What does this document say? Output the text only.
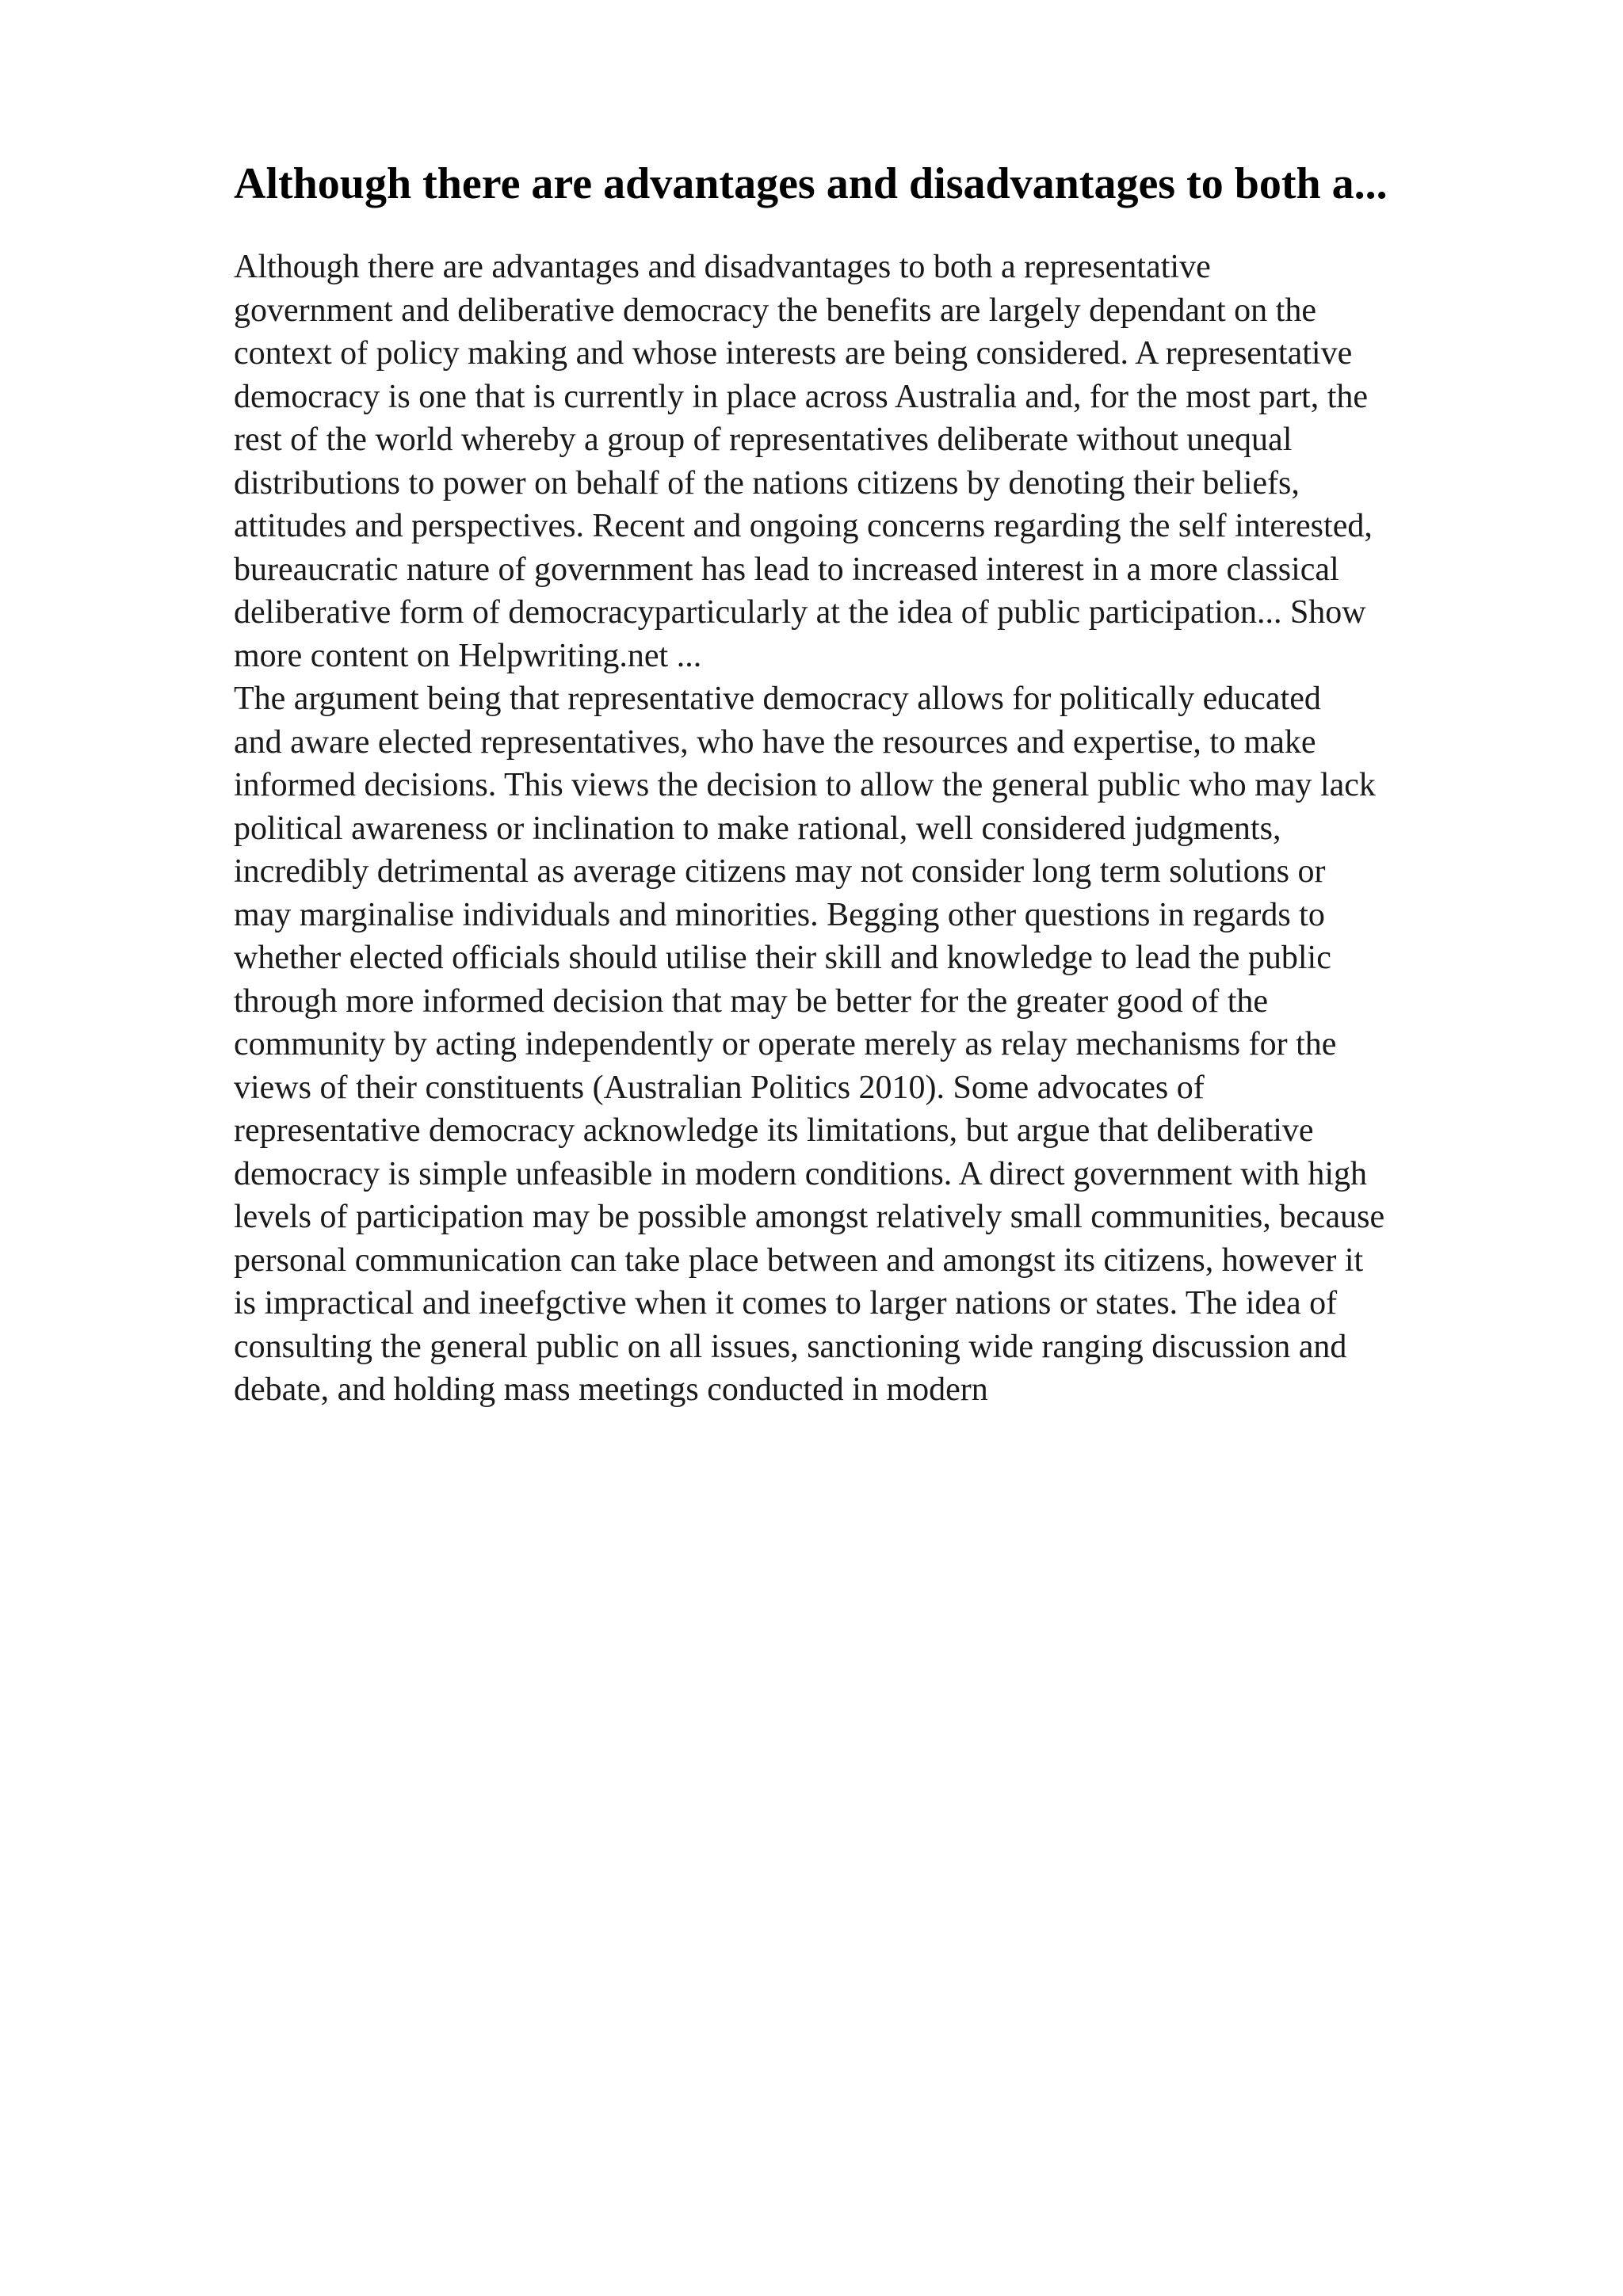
Although there are advantages and disadvantages to both a...
Although there are advantages and disadvantages to both a representative
government and deliberative democracy the benefits are largely dependant on the
context of policy making and whose interests are being considered. A representative
democracy is one that is currently in place across Australia and, for the most part, the
rest of the world whereby a group of representatives deliberate without unequal
distributions to power on behalf of the nations citizens by denoting their beliefs,
attitudes and perspectives. Recent and ongoing concerns regarding the self interested,
bureaucratic nature of government has lead to increased interest in a more classical
deliberative form of democracyparticularly at the idea of public participation... Show
more content on Helpwriting.net ...
The argument being that representative democracy allows for politically educated
and aware elected representatives, who have the resources and expertise, to make
informed decisions. This views the decision to allow the general public who may lack
political awareness or inclination to make rational, well considered judgments,
incredibly detrimental as average citizens may not consider long term solutions or
may marginalise individuals and minorities. Begging other questions in regards to
whether elected officials should utilise their skill and knowledge to lead the public
through more informed decision that may be better for the greater good of the
community by acting independently or operate merely as relay mechanisms for the
views of their constituents (Australian Politics 2010). Some advocates of
representative democracy acknowledge its limitations, but argue that deliberative
democracy is simple unfeasible in modern conditions. A direct government with high
levels of participation may be possible amongst relatively small communities, because
personal communication can take place between and amongst its citizens, however it
is impractical and ineefgctive when it comes to larger nations or states. The idea of
consulting the general public on all issues, sanctioning wide ranging discussion and
debate, and holding mass meetings conducted in modern
